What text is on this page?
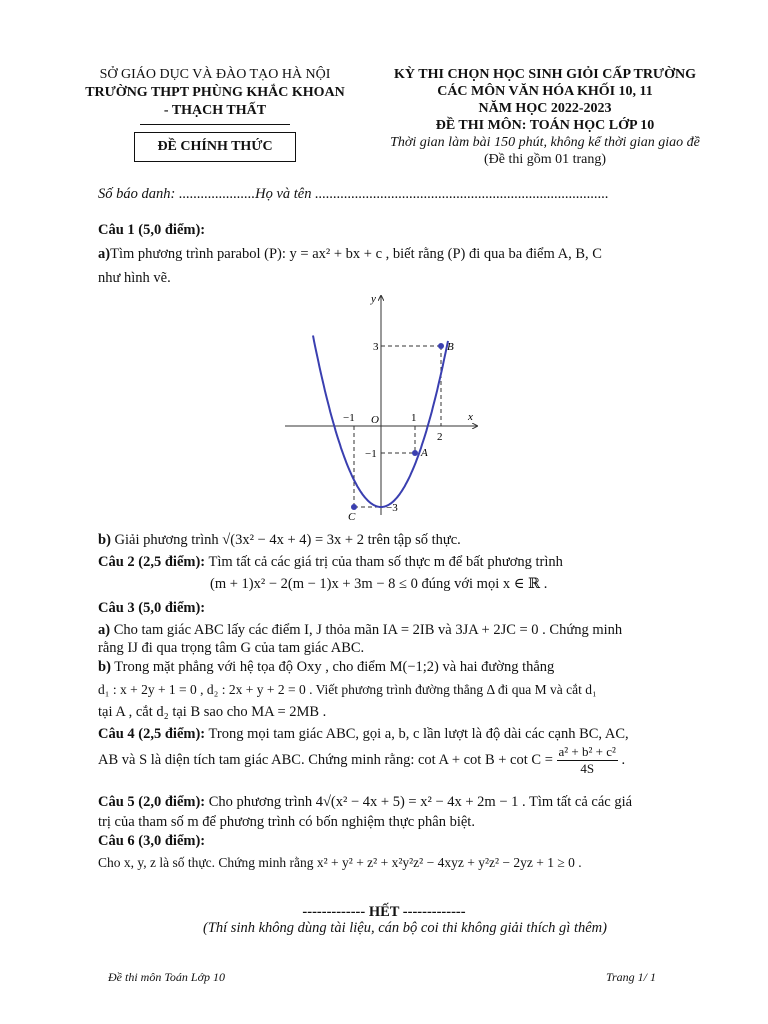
SỞ GIÁO DỤC VÀ ĐÀO TẠO HÀ NỘI
TRƯỜNG THPT PHÙNG KHẮC KHOAN
- THẠCH THẤT
ĐỀ CHÍNH THỨC
KỲ THI CHỌN HỌC SINH GIỎI CẤP TRƯỜNG
CÁC MÔN VĂN HÓA KHỐI 10, 11
NĂM HỌC 2022-2023
ĐỀ THI MÔN: TOÁN HỌC LỚP 10
Thời gian làm bài 150 phút, không kể thời gian giao đề
(Đề thi gồm 01 trang)
Số báo danh: .....................Họ và tên .................................................................................
Câu 1 (5,0 điểm):
a)Tìm phương trình parabol (P): y = ax² + bx + c , biết rằng (P) đi qua ba điểm A, B, C
như hình vẽ.
x
y
O
−1	1
2
3
−1
−3
A
B
C
b) Giải phương trình √(3x² − 4x + 4) = 3x + 2 trên tập số thực.
Câu 2 (2,5 điểm): Tìm tất cả các giá trị của tham số thực m để bất phương trình
(m + 1)x² − 2(m − 1)x + 3m − 8 ≤ 0 đúng với mọi x ∈ ℝ .
Câu 3 (5,0 điểm):
a) Cho tam giác ABC lấy các điểm I, J thỏa mãn IA = 2IB và 3JA + 2JC = 0 . Chứng minh
rằng IJ đi qua trọng tâm G của tam giác ABC.
b) Trong mặt phẳng với hệ tọa độ Oxy , cho điểm M(−1;2) và hai đường thẳng
d₁ : x + 2y + 1 = 0 , d₂ : 2x + y + 2 = 0 . Viết phương trình đường thẳng Δ đi qua M và cắt d₁
tại A , cắt d₂ tại B sao cho MA = 2MB .
Câu 4 (2,5 điểm): Trong mọi tam giác ABC, gọi a, b, c lần lượt là độ dài các cạnh BC, AC,
AB và S là diện tích tam giác ABC. Chứng minh rằng: $\cot A + \cot B + \cot C = \frac{\text{a² + b² + c²}}{4S}$ .
Câu 5 (2,0 điểm): Cho phương trình 4√(x² − 4x + 5) = x² − 4x + 2m − 1 . Tìm tất cả các giá
trị của tham số m để phương trình có bốn nghiệm thực phân biệt.
Câu 6 (3,0 điểm):
Cho x, y, z là số thực. Chứng minh rằng x² + y² + z² + x²y²z² − 4xyz + y²z² − 2yz + 1 ≥ 0 .
------------- HẾT -------------
(Thí sinh không dùng tài liệu, cán bộ coi thi không giải thích gì thêm)
Đề thi môn Toán Lớp 10	Trang 1/ 1
